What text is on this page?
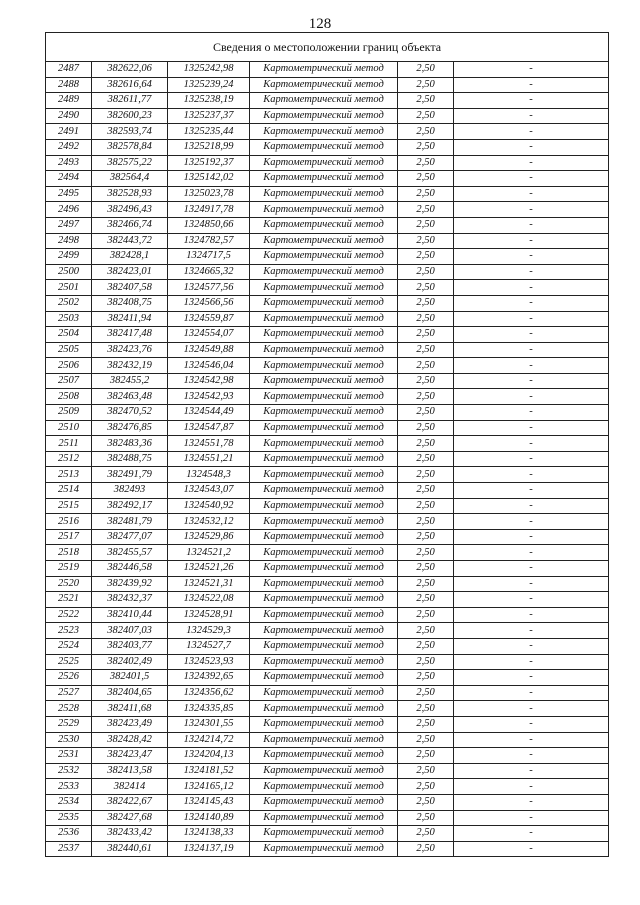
128
Сведения о местоположении границ объекта					
2487	382622,06	1325242,98	Картометрический метод	2,50	-
2488	382616,64	1325239,24	Картометрический метод	2,50	-
2489	382611,77	1325238,19	Картометрический метод	2,50	-
2490	382600,23	1325237,37	Картометрический метод	2,50	-
2491	382593,74	1325235,44	Картометрический метод	2,50	-
2492	382578,84	1325218,99	Картометрический метод	2,50	-
2493	382575,22	1325192,37	Картометрический метод	2,50	-
2494	382564,4	1325142,02	Картометрический метод	2,50	-
2495	382528,93	1325023,78	Картометрический метод	2,50	-
2496	382496,43	1324917,78	Картометрический метод	2,50	-
2497	382466,74	1324850,66	Картометрический метод	2,50	-
2498	382443,72	1324782,57	Картометрический метод	2,50	-
2499	382428,1	1324717,5	Картометрический метод	2,50	-
2500	382423,01	1324665,32	Картометрический метод	2,50	-
2501	382407,58	1324577,56	Картометрический метод	2,50	-
2502	382408,75	1324566,56	Картометрический метод	2,50	-
2503	382411,94	1324559,87	Картометрический метод	2,50	-
2504	382417,48	1324554,07	Картометрический метод	2,50	-
2505	382423,76	1324549,88	Картометрический метод	2,50	-
2506	382432,19	1324546,04	Картометрический метод	2,50	-
2507	382455,2	1324542,98	Картометрический метод	2,50	-
2508	382463,48	1324542,93	Картометрический метод	2,50	-
2509	382470,52	1324544,49	Картометрический метод	2,50	-
2510	382476,85	1324547,87	Картометрический метод	2,50	-
2511	382483,36	1324551,78	Картометрический метод	2,50	-
2512	382488,75	1324551,21	Картометрический метод	2,50	-
2513	382491,79	1324548,3	Картометрический метод	2,50	-
2514	382493	1324543,07	Картометрический метод	2,50	-
2515	382492,17	1324540,92	Картометрический метод	2,50	-
2516	382481,79	1324532,12	Картометрический метод	2,50	-
2517	382477,07	1324529,86	Картометрический метод	2,50	-
2518	382455,57	1324521,2	Картометрический метод	2,50	-
2519	382446,58	1324521,26	Картометрический метод	2,50	-
2520	382439,92	1324521,31	Картометрический метод	2,50	-
2521	382432,37	1324522,08	Картометрический метод	2,50	-
2522	382410,44	1324528,91	Картометрический метод	2,50	-
2523	382407,03	1324529,3	Картометрический метод	2,50	-
2524	382403,77	1324527,7	Картометрический метод	2,50	-
2525	382402,49	1324523,93	Картометрический метод	2,50	-
2526	382401,5	1324392,65	Картометрический метод	2,50	-
2527	382404,65	1324356,62	Картометрический метод	2,50	-
2528	382411,68	1324335,85	Картометрический метод	2,50	-
2529	382423,49	1324301,55	Картометрический метод	2,50	-
2530	382428,42	1324214,72	Картометрический метод	2,50	-
2531	382423,47	1324204,13	Картометрический метод	2,50	-
2532	382413,58	1324181,52	Картометрический метод	2,50	-
2533	382414	1324165,12	Картометрический метод	2,50	-
2534	382422,67	1324145,43	Картометрический метод	2,50	-
2535	382427,68	1324140,89	Картометрический метод	2,50	-
2536	382433,42	1324138,33	Картометрический метод	2,50	-
2537	382440,61	1324137,19	Картометрический метод	2,50	-
